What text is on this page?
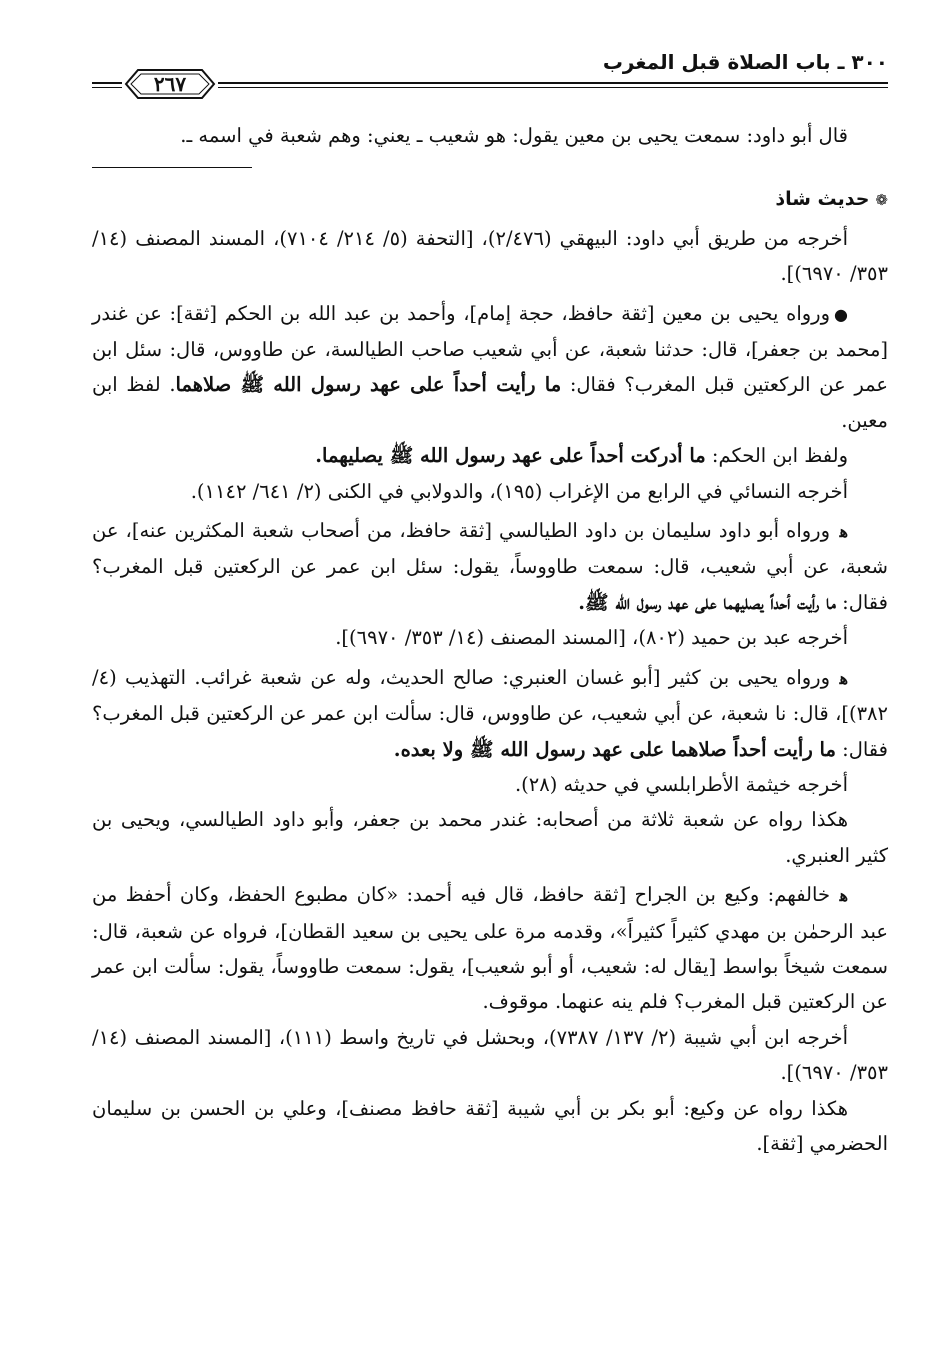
٣٠٠ ـ باب الصلاة قبل المغرب
٢٦٧

قال أبو داود: سمعت يحيى بن معين يقول: هو شعيب ـ يعني: وهم شعبة في اسمه ـ.

❁حديث شاذ

أخرجه من طريق أبي داود: البيهقي (٢/٤٧٦)، [التحفة (٥/ ٢١٤/ ٧١٠٤)، المسند المصنف (١٤/ ٣٥٣/ ٦٩٧٠)].

●ورواه يحيى بن معين [ثقة حافظ، حجة إمام]، وأحمد بن عبد الله بن الحكم [ثقة]: عن غندر [محمد بن جعفر]، قال: حدثنا شعبة، عن أبي شعيب صاحب الطيالسة، عن طاووس، قال: سئل ابن عمر عن الركعتين قبل المغرب؟ فقال: ما رأيت أحداً على عهد رسول الله ﷺ صلاهما. لفظ ابن معين.

ولفظ ابن الحكم: ما أدركت أحداً على عهد رسول الله ﷺ يصليهما.

أخرجه النسائي في الرابع من الإغراب (١٩٥)، والدولابي في الكنى (٢/ ٦٤١/ ١١٤٢).

ﻫورواه أبو داود سليمان بن داود الطيالسي [ثقة حافظ، من أصحاب شعبة المكثرين عنه]، عن شعبة، عن أبي شعيب، قال: سمعت طاووساً، يقول: سئل ابن عمر عن الركعتين قبل المغرب؟ فقال: ما رأيت أحداً يصليهما على عهد رسول الله ﷺ.

أخرجه عبد بن حميد (٨٠٢)، [المسند المصنف (١٤/ ٣٥٣/ ٦٩٧٠)].

ﻫورواه يحيى بن كثير [أبو غسان العنبري: صالح الحديث، وله عن شعبة غرائب. التهذيب (٤/ ٣٨٢)]، قال: نا شعبة، عن أبي شعيب، عن طاووس، قال: سألت ابن عمر عن الركعتين قبل المغرب؟ فقال: ما رأيت أحداً صلاهما على عهد رسول الله ﷺ ولا بعده.

أخرجه خيثمة الأطرابلسي في حديثه (٢٨).

هكذا رواه عن شعبة ثلاثة من أصحابه: غندر محمد بن جعفر، وأبو داود الطيالسي، ويحيى بن كثير العنبري.

ﻫخالفهم: وكيع بن الجراح [ثقة حافظ، قال فيه أحمد: «كان مطبوع الحفظ، وكان أحفظ من عبد الرحمٰن بن مهدي كثيراً كثيراً»، وقدمه مرة على يحيى بن سعيد القطان]، فرواه عن شعبة، قال: سمعت شيخاً بواسط [يقال له: شعيب، أو أبو شعيب]، يقول: سمعت طاووساً، يقول: سألت ابن عمر عن الركعتين قبل المغرب؟ فلم ينه عنهما. موقوف.

أخرجه ابن أبي شيبة (٢/ ١٣٧/ ٧٣٨٧)، وبحشل في تاريخ واسط (١١١)، [المسند المصنف (١٤/ ٣٥٣/ ٦٩٧٠)].

هكذا رواه عن وكيع: أبو بكر بن أبي شيبة [ثقة حافظ مصنف]، وعلي بن الحسن بن سليمان الحضرمي [ثقة].
